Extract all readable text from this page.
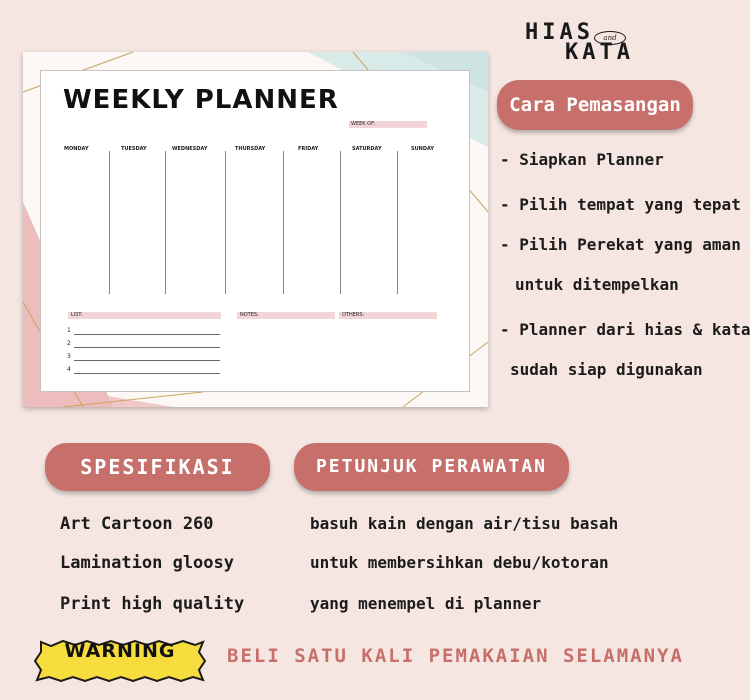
HIAS	and
KATA
WEEKLY PLANNER
WEEK OF:
MONDAY	TUESDAY	WEDNESDAY	THURSDAY	FRIDAY	SATURDAY	SUNDAY
LIST:	NOTES:	OTHERS:
1
2
3
4
Cara Pemasangan
- Siapkan Planner
- Pilih tempat yang tepat
- Pilih Perekat yang aman
untuk ditempelkan
- Planner dari hias & kata
sudah siap digunakan
SPESIFIKASI
Art Cartoon 260
Lamination gloosy
Print high quality
PETUNJUK PERAWATAN
basuh kain dengan air/tisu basah
untuk membersihkan debu/kotoran
yang menempel di planner
WARNING	BELI SATU KALI PEMAKAIAN SELAMANYA
